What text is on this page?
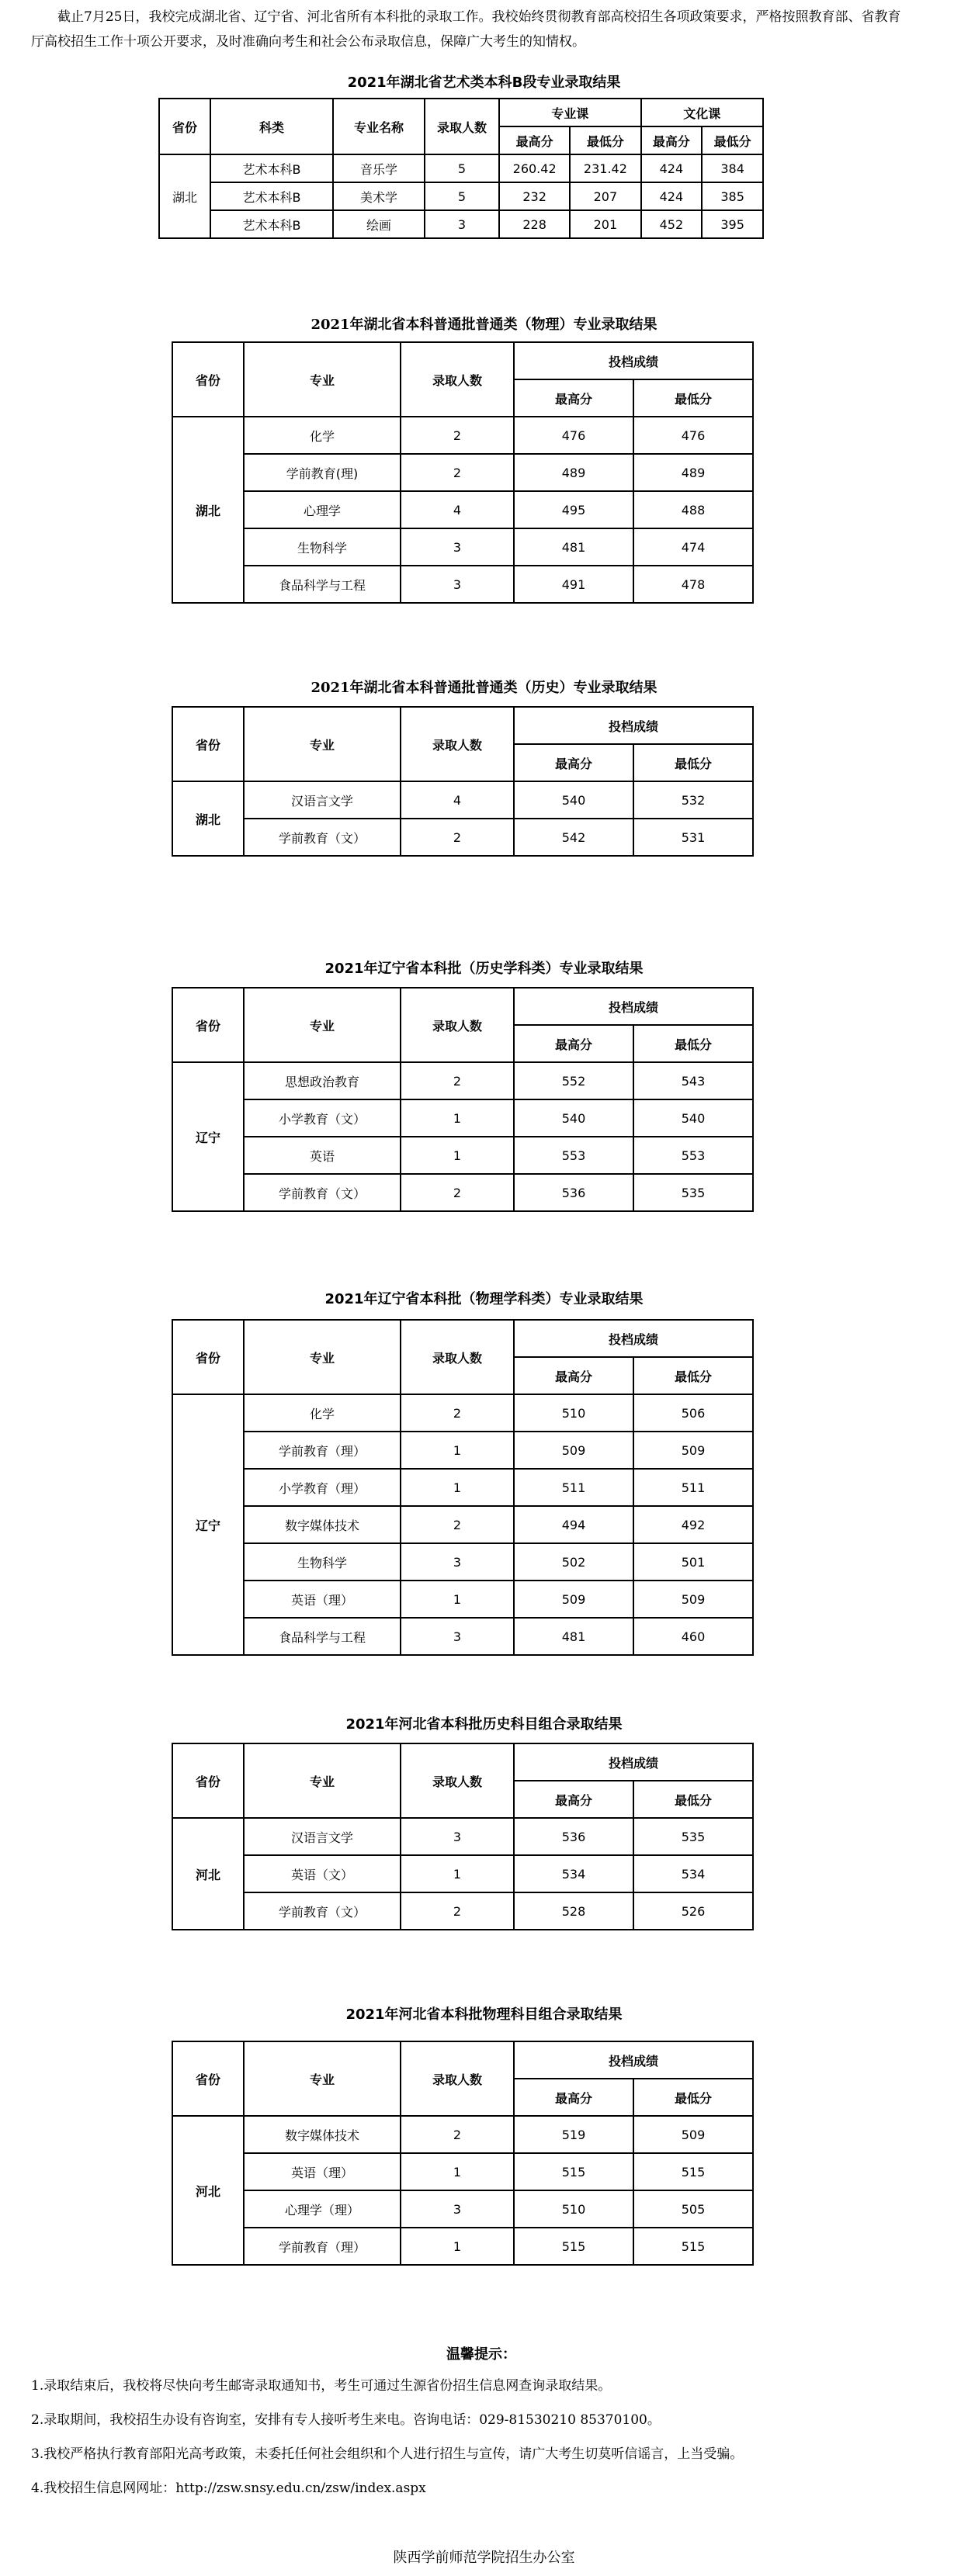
截止7月25日，我校完成湖北省、辽宁省、河北省所有本科批的录取工作。我校始终贯彻教育部高校招生各项政策要求，严格按照教育部、省教育厅高校招生工作十项公开要求，及时准确向考生和社会公布录取信息，保障广大考生的知情权。
2021年湖北省艺术类本科B段专业录取结果
省份	科类	专业名称	录取人数	专业课		文化课	
				最高分	最低分	最高分	最低分
湖北	艺术本科B	音乐学	5	260.42	231.42	424	384
	艺术本科B	美术学	5	232	207	424	385
	艺术本科B	绘画	3	228	201	452	395
2021年湖北省本科普通批普通类（物理）专业录取结果
省份	专业	录取人数	投档成绩	
			最高分	最低分
湖北	化学	2	476	476
	学前教育(理)	2	489	489
	心理学	4	495	488
	生物科学	3	481	474
	食品科学与工程	3	491	478
2021年湖北省本科普通批普通类（历史）专业录取结果
省份	专业	录取人数	投档成绩	
			最高分	最低分
湖北	汉语言文学	4	540	532
	学前教育（文）	2	542	531
2021年辽宁省本科批（历史学科类）专业录取结果
省份	专业	录取人数	投档成绩	
			最高分	最低分
辽宁	思想政治教育	2	552	543
	小学教育（文）	1	540	540
	英语	1	553	553
	学前教育（文）	2	536	535
2021年辽宁省本科批（物理学科类）专业录取结果
省份	专业	录取人数	投档成绩	
			最高分	最低分
辽宁	化学	2	510	506
	学前教育（理）	1	509	509
	小学教育（理）	1	511	511
	数字媒体技术	2	494	492
	生物科学	3	502	501
	英语（理）	1	509	509
	食品科学与工程	3	481	460
2021年河北省本科批历史科目组合录取结果
省份	专业	录取人数	投档成绩	
			最高分	最低分
河北	汉语言文学	3	536	535
	英语（文）	1	534	534
	学前教育（文）	2	528	526
2021年河北省本科批物理科目组合录取结果
省份	专业	录取人数	投档成绩	
			最高分	最低分
河北	数字媒体技术	2	519	509
	英语（理）	1	515	515
	心理学（理）	3	510	505
	学前教育（理）	1	515	515
温馨提示：
1.录取结束后，我校将尽快向考生邮寄录取通知书，考生可通过生源省份招生信息网查询录取结果。
2.录取期间，我校招生办设有咨询室，安排有专人接听考生来电。咨询电话：029-81530210 85370100。
3.我校严格执行教育部阳光高考政策，未委托任何社会组织和个人进行招生与宣传，请广大考生切莫听信谣言，上当受骗。
4.我校招生信息网网址：http://zsw.snsy.edu.cn/zsw/index.aspx
陕西学前师范学院招生办公室
